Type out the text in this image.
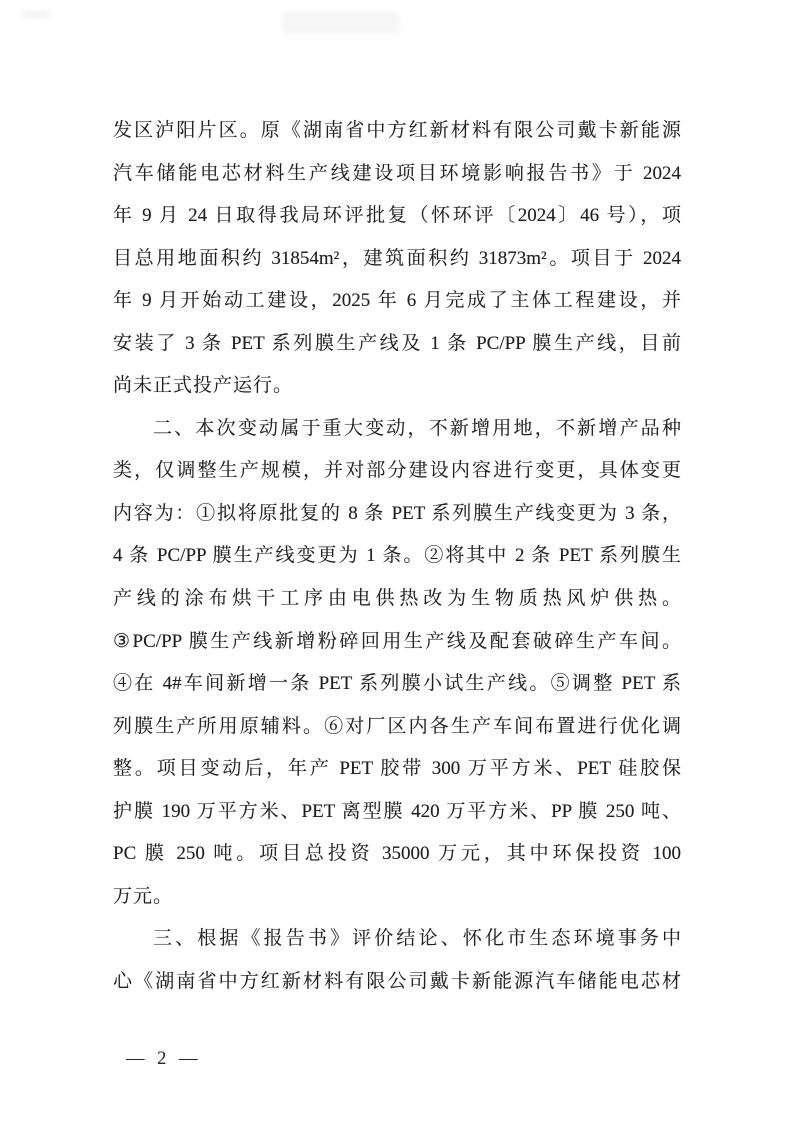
发区泸阳片区。原《湖南省中方红新材料有限公司戴卡新能源
汽车储能电芯材料生产线建设项目环境影响报告书》于 2024
年 9 月 24 日取得我局环评批复（怀环评〔2024〕46 号），项
目总用地面积约 31854m²，建筑面积约 31873m²。项目于 2024
年 9 月开始动工建设，2025 年 6 月完成了主体工程建设，并
安装了 3 条 PET 系列膜生产线及 1 条 PC/PP 膜生产线，目前
尚未正式投产运行。
二、本次变动属于重大变动，不新增用地，不新增产品种
类，仅调整生产规模，并对部分建设内容进行变更，具体变更
内容为：①拟将原批复的 8 条 PET 系列膜生产线变更为 3 条，
4 条 PC/PP 膜生产线变更为 1 条。②将其中 2 条 PET 系列膜生
产线的涂布烘干工序由电供热改为生物质热风炉供热。
③PC/PP 膜生产线新增粉碎回用生产线及配套破碎生产车间。
④在 4#车间新增一条 PET 系列膜小试生产线。⑤调整 PET 系
列膜生产所用原辅料。⑥对厂区内各生产车间布置进行优化调
整。项目变动后，年产 PET 胶带 300 万平方米、PET 硅胶保
护膜 190 万平方米、PET 离型膜 420 万平方米、PP 膜 250 吨、
PC 膜 250 吨。项目总投资 35000 万元，其中环保投资 100
万元。
三、根据《报告书》评价结论、怀化市生态环境事务中
心《湖南省中方红新材料有限公司戴卡新能源汽车储能电芯材
— 2 —
